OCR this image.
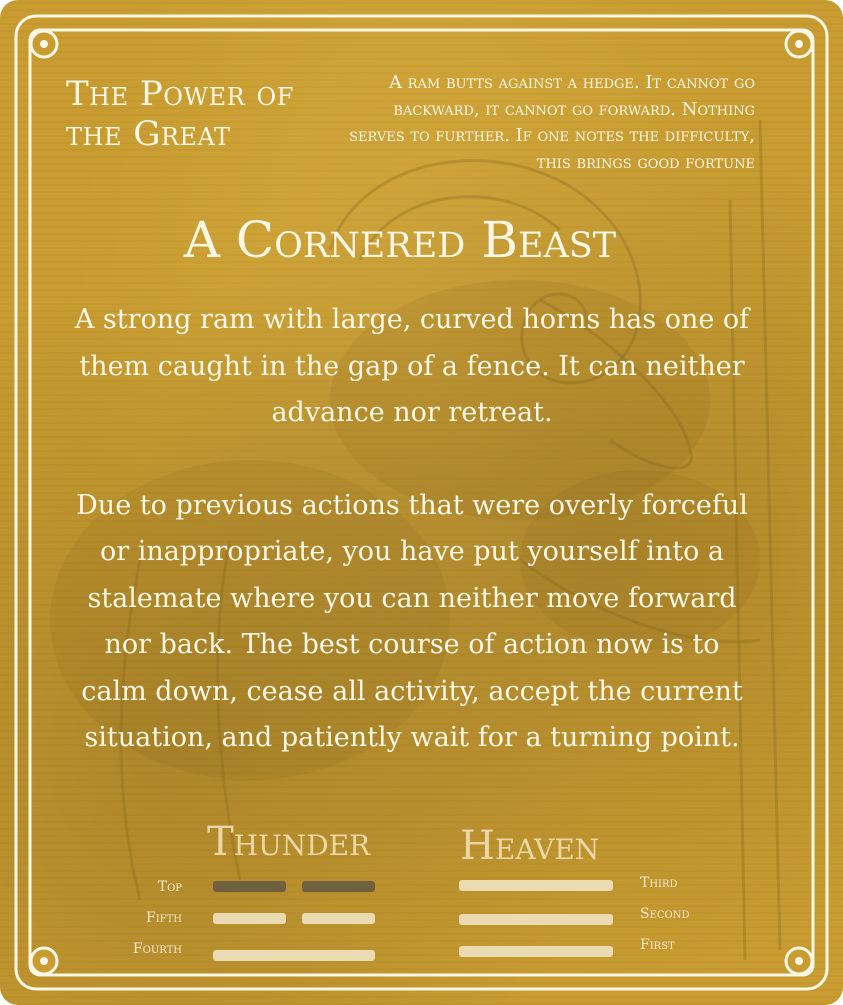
The Power of the Great

A ram butts against a hedge. It cannot go backward, it cannot go forward. Nothing serves to further. If one notes the difficulty, this brings good fortune

A Cornered Beast

A strong ram with large, curved horns has one of them caught in the gap of a fence. It can neither advance nor retreat.

Due to previous actions that were overly forceful or inappropriate, you have put yourself into a stalemate where you can neither move forward nor back. The best course of action now is to calm down, cease all activity, accept the current situation, and patiently wait for a turning point.

Thunder Heaven
Top
Fifth
Fourth
Third
Second
First
